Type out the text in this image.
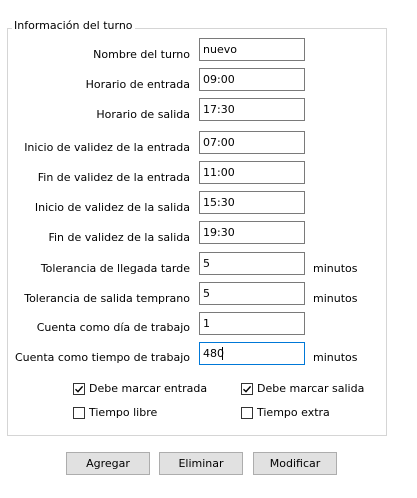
Información del turno
Nombre del turno
nuevo
Horario de entrada
09:00
Horario de salida
17:30
Inicio de validez de la entrada
07:00
Fin de validez de la entrada
11:00
Inicio de validez de la salida
15:30
Fin de validez de la salida
19:30
Tolerancia de llegada tarde
5	minutos
Tolerancia de salida temprano
5	minutos
Cuenta como día de trabajo
1
Cuenta como tiempo de trabajo
480	minutos
Debe marcar entrada	Debe marcar salida
Tiempo libre	Tiempo extra
Agregar	Eliminar	Modificar
